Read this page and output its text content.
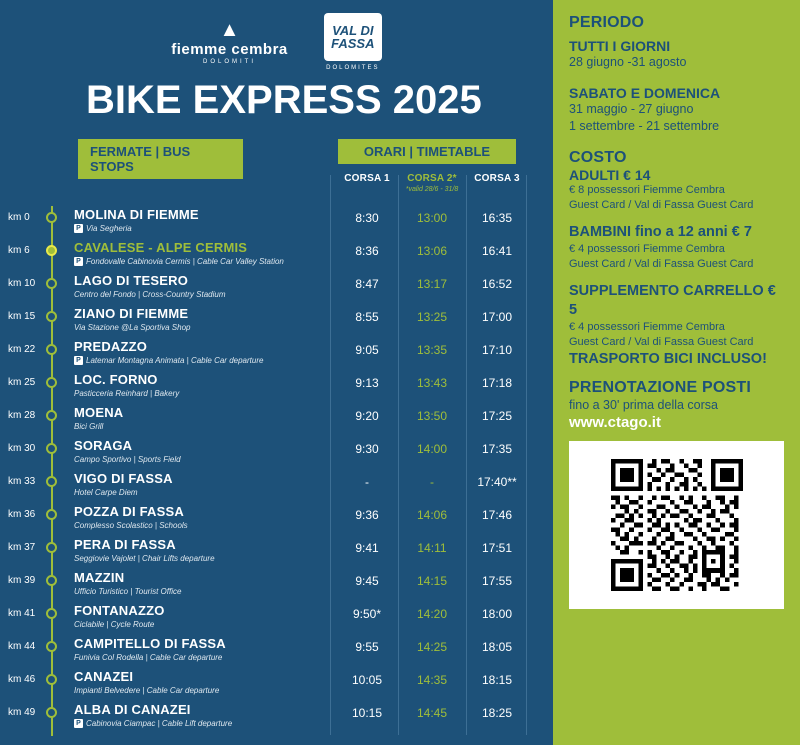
▲
fiemme cembra
DOLOMITI
VAL DI
FASSA
DOLOMITES
BIKE EXPRESS 2025
FERMATE | BUS STOPS
ORARI | TIMETABLE
CORSA 1	CORSA 2*
*valid 28/6 - 31/8
CORSA 3
km 0	MOLINA DI FIEMME
P Via Segheria
8:30	13:00	16:35
km 6	CAVALESE - ALPE CERMIS
P Fondovalle Cabinovia Cermis | Cable Car Valley Station
8:36	13:06	16:41
km 10	LAGO DI TESERO
Centro del Fondo | Cross-Country Stadium
8:47	13:17	16:52
km 15	ZIANO DI FIEMME
Via Stazione @La Sportiva Shop
8:55	13:25	17:00
km 22	PREDAZZO
P Latemar Montagna Animata | Cable Car departure
9:05	13:35	17:10
km 25	LOC. FORNO
Pasticceria Reinhard | Bakery
9:13	13:43	17:18
km 28	MOENA
Bici Grill
9:20	13:50	17:25
km 30	SORAGA
Campo Sportivo | Sports Field
9:30	14:00	17:35
km 33	VIGO DI FASSA
Hotel Carpe Diem
-	-	17:40**
km 36	POZZA DI FASSA
Complesso Scolastico | Schools
9:36	14:06	17:46
km 37	PERA DI FASSA
Seggiovie Vajolet | Chair Lifts departure
9:41	14:11	17:51
km 39	MAZZIN
Ufficio Turistico | Tourist Office
9:45	14:15	17:55
km 41	FONTANAZZO
Ciclabile | Cycle Route
9:50*	14:20	18:00
km 44	CAMPITELLO DI FASSA
Funivia Col Rodella | Cable Car departure
9:55	14:25	18:05
km 46	CANAZEI
Impianti Belvedere | Cable Car departure
10:05	14:35	18:15
km 49	ALBA DI CANAZEI
P Cabinovia Ciampac | Cable Lift departure
10:15	14:45	18:25
PERIODO
TUTTI I GIORNI
28 giugno -31 agosto
SABATO E DOMENICA
31 maggio - 27 giugno
1 settembre - 21 settembre
COSTO
ADULTI € 14
€ 8 possessori Fiemme Cembra
Guest Card / Val di Fassa Guest Card
BAMBINI fino a 12 anni € 7
€ 4 possessori Fiemme Cembra
Guest Card / Val di Fassa Guest Card
SUPPLEMENTO CARRELLO € 5
€ 4 possessori Fiemme Cembra
Guest Card / Val di Fassa Guest Card
TRASPORTO BICI INCLUSO!
PRENOTAZIONE POSTI
fino a 30' prima della corsa
www.ctago.it
